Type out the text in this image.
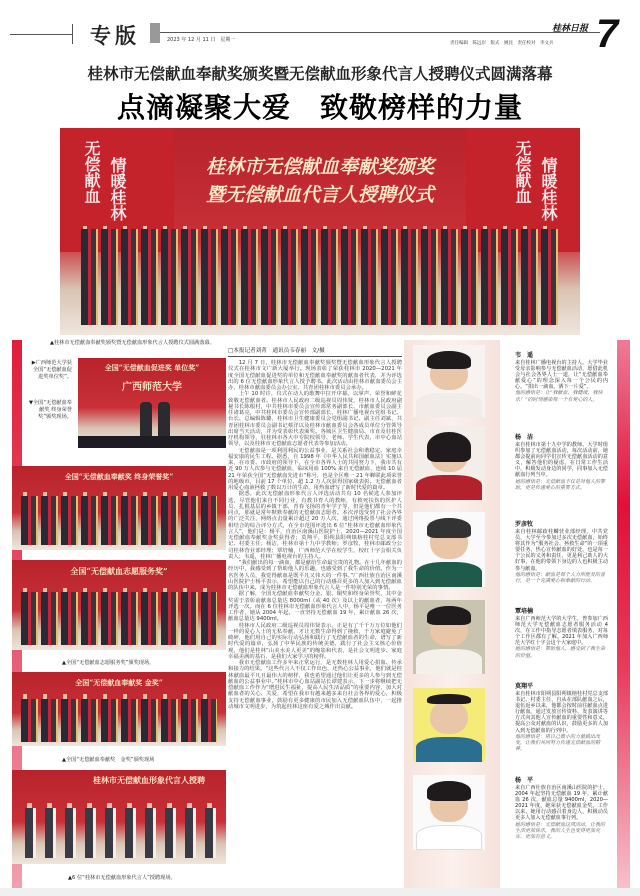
专版	2023 年 12 月 11 日　星期一
桂林日报
责任编辑　陈远岸　版式　姚昆　责任校对　李文兵 7
桂林市无偿献血奉献奖颁奖暨无偿献血形象代言人授聘仪式圆满落幕
点滴凝聚大爱　致敬榜样的力量
桂林市无偿献血奉献奖颁奖
暨无偿献血代言人授聘仪式
无偿献血 情暖桂林	无偿献血 情暖桂林
▲桂林市无偿献血奉献奖颁奖暨无偿献血形象代言人授聘仪式圆满落幕。
全国“无偿献血促进奖 单位奖”
广西师范大学
▶广西师范大学获全国“无偿献血促进奖单位奖”。
▼全国“无偿献血奉献奖 终身荣誉奖”颁奖现场。
全国“无偿献血奉献奖 终身荣誉奖”
全国“无偿献血志愿服务奖”
▲全国“无偿献血志愿服务奖”颁奖现场。
全国“无偿献血奉献奖 金奖”
▲全国“无偿献血奉献奖　金奖”颁奖现场
桂林市无偿献血形象代言人授聘
▲6 位“桂林市无偿献血形象代言人”授聘现场。
□本报记者刘菁　通讯员韦春丽　文/摄

12 月 7 日，桂林市无偿献血奉献奖颁奖暨无偿献血形象代言人授聘仪式在桂林市文广新大厦举行。现场表彰了荣获桂林市 2020—2021 年度全国无偿献血促进奖的单位和无偿献血奉献奖的献血者代表，并为评选出的 6 位无偿献血形象代言人授予聘书。此次活动由桂林市献血委员会主办，桂林市献血委员会办公室、共青团桂林市委员会承办。

上午 10 时许，仪式在动人的歌舞中拉开序幕。以掌声、荣誉和鲜花致敬无偿献血者。桂林市人民政府二级巡视员周伟贤，桂林市人民政府副秘书长陈根村，中共桂林市委员会宣传部常务副部长、市献血委员会副主任诸葛亮，中共桂林市委员会宣传部副部长，桂林广播电视台党组书记、台长、总编辑陈璐，桂林市卫生健康委员会党组副书记、副主任刘斌，共青团桂林市委员会副书记蔡洋以及桂林市献血委员会各成员单位分管领导出席当天活动，并为受表彰代表颁奖。各城区卫生健康局、市直及驻桂医疗机构领导，驻桂林市各大中专院校领导、老师、学生代表，市中心血站领导，以及桂林市无偿献血志愿者代表等参加活动。

无偿献血是一项利国利民的公益事业，是关系社会和谐稳定、家庭幸福安康的民生工程。据悉，自 1998 年《中华人民共和国献血法》实施以来，在市委、市政府的领导下，在全市各界人士的共同努力下，我市共有近 90 万人次参与无偿献血，临床用血 100% 来自无偿献血，连续 10 届 21 年荣获全国“无偿献血先进市”称号，也是全区唯一 21 年蝉联此项荣誉的地级市，目前 17 个单位、超 1.2 万人次获得国家级表彰。无偿献血者用爱心血液拯救了数以万计的生命，用热血谱写了新时代爱的篇章。

据悉，此次无偿献血形象代言人评选活动共有 10 名候选人参加评选，尽管他们来自不同行业，有教书育人的教师，有救死扶伤的医护人员，扎根基层的乡镇干部，青春飞扬的青年学子等，但是他们都有一个共同点，那就是常年默默奉献的无偿献血志愿者。本次评选受到了社会各界的广泛关注，网络点击量累计超过 20 万人次，通过网络投票与线下评委相结合的综合评分方式，在全市范围评选出 6 位“桂林市无偿献血形象代言人”，他们是：杨平，自治区南溪山医院护士，2020—2021 年度全国无偿献血奉献奖金奖获得者；莫翔平，阳朔县阳朔镇榕桂村党总支部书记、村委主任；杨洁，桂林市第十九中学教师；罗彦牧，桂林市邮政分公司桂林营业部经理；覃培楠，广西师范大学在校学生，校红十字会相关负责人；韦遥，桂林广播电视台的主持人。

“我们献出的每一滴血，都是献给生命最宝贵的礼物。在十几年献血的经历中，我感受到了帮助他人的乐趣，也感受到了我生命的价值。作为一名医务人员，我觉得献血是既平凡又伟大的一件事。”广西壮族自治区南溪山医院护士杨平表示，希望能以自己的行动感召更多的人加入到无偿献血的队伍中来，成为桂林市无偿献血形象代言人是一件特别光荣的事情。

据了解，全国无偿献血奉献奖分金、银、铜奖和终身荣誉奖，其中金奖需于表彰前献血总量达 8000ml（或 40 次）及以上的献血者，每两年评选一次。而在 6 位桂林市无偿献血形象代言人中，杨平是唯一一位医务工作者，她从 2004 年起，一直坚持无偿献血 19 年，累计献血 26 次，献血总量达 9400ml。

桂林市人民政府二级巡视员周伟贤表示，正是有了千千万万位如他们一样的爱心人士的无私奉献，才让无数生命得到了挽救，千万家庭避免了破碎，他们用自己的实际行动弘扬和践行了无偿献血者的生命，谱写了新时代爱的篇章，弘扬了中华民族的传统美德，践行了社会主义核心价值观，他们是桂林“山美水美人更美”的缩影和代表，是社会文明进步、家庭幸福美满的基石，是我们大家学习的榜样。

我市无偿献血工作多年来正常运行，是无数桂林人用爱心捐血、传承和接力的结果。“这些代言人不仅工作出色，还热心公益事业，他们就是桂林献血最平凡且最伟大的榜样，我也希望通过他们让更多的人参与到无偿献血的公益事业中。”桂林市中心血站副站长谭建表示，下一步将继续把无偿献血工作作为“增进民生福祉，提高人民生活品质”的重要内容，加大对献血者的关心、关爱，希望在我市有越来越多来自社会各界的爱心，积极支持无偿献血事业，鼓励有更多健康的市民加入无偿献血队伍中，一起推动城市文明进步，为筑起桂林这座有爱之城作出贡献。

韦　遥
来自桂林广播电视台的主持人。大学毕业受母亲影响参与无偿献血活动，愿借此机会与社会各界人士一道，让“无偿献血奉献爱心”的理念深入每一个公民的内心。“捐出一滴血，洒下一片爱”。
他的感悟是：让“我献血，我健康，我快乐！”的时刻感染每一个有爱心的人。
杨　洁
来自桂林市第十九中学的教师。大学时组织参加了无偿献血活动，每次活动前，她都会提前向同学们宣传无偿献血活动的意义，解答他们的疑虑。在日常工作生活中，积极发动身边的同学，同事加入无偿献血行列当中。
她的感悟是：无偿献血不仅是对他人的帮助，更是传递爱心的重要方式。
罗彦牧
来自桂林邮政桂麟营业部经理，中共党员，大学至今参加过多次无偿献血，始终将其作为“服务社会、拯救生命”的一项重要任务，热心宣传献血的好处，也是每一个公民的义务和责任，更是利己助人的大好事，在他的带领下身边的人也积极主动参与献血。
他的感悟是：献血是每个人力所能及的善行，是一个充满爱心和奉献的行动。
覃培楠
来自广西师范大学的大学生，曾参加广西师范大学无偿献血志愿者服务活动 4 次，在工作中指导志愿者填表服务，对每个工作区都有了解。2021 年加入广西师范大学红十字会这个大家庭中。
她的感悟是：帮助他人，感受到了我生命的价值。
莫翔平
来自桂林市阳朔县阳朔镇榕桂村党总支部书记、村委主任，自从在部队献血之后，退伍返乡以来，他都会按时前往献血点进行献血。通过发放宣传资料、发表演讲等方式向其他人宣传献血的重要性和意义，提高公众对献血的认识，鼓励更多的人加入到无偿献血的行列中。
他的感悟是：用自己微小的力量做出改变，让我们共同努力传递无偿献血的精神。
杨　平
来自广西壮族自治区南溪山医院的护士。2004 年起坚持无偿献血 19 年，累计献血 26 次，献血总量 9400ml，2020—2021 年度，她荣获无偿献血金奖。工作以来，她用行动感召着身边人，积极动员更多人加入无偿献血事行列。
她的感悟是：无偿献血这项活动，让我的生活更加快乐，我的人生也变得更加充实、更加有意义。
